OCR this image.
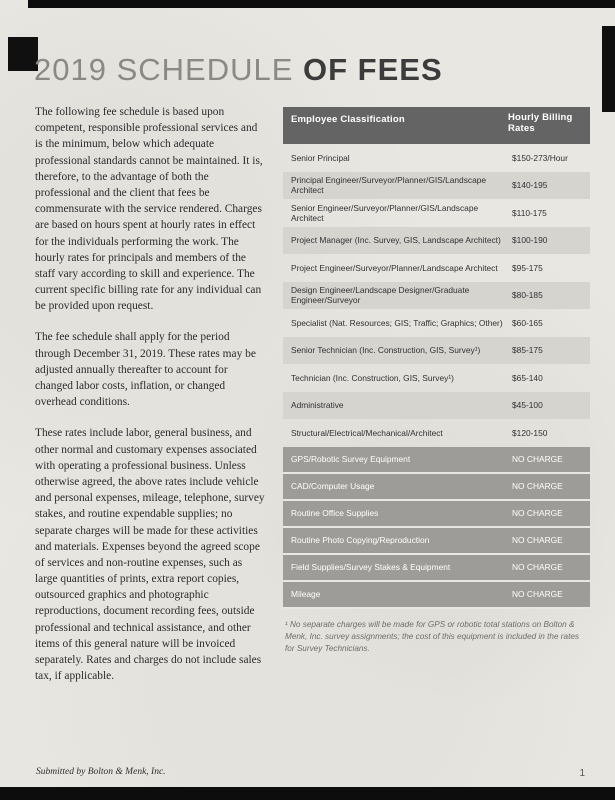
2019 SCHEDULE OF FEES

The following fee schedule is based upon competent, responsible professional services and is the minimum, below which adequate professional standards cannot be maintained. It is, therefore, to the advantage of both the professional and the client that fees be commensurate with the service rendered. Charges are based on hours spent at hourly rates in effect for the individuals performing the work. The hourly rates for principals and members of the staff vary according to skill and experience. The current specific billing rate for any individual can be provided upon request.

The fee schedule shall apply for the period through December 31, 2019. These rates may be adjusted annually thereafter to account for changed labor costs, inflation, or changed overhead conditions.

These rates include labor, general business, and other normal and customary expenses associated with operating a professional business. Unless otherwise agreed, the above rates include vehicle and personal expenses, mileage, telephone, survey stakes, and routine expendable supplies; no separate charges will be made for these activities and materials. Expenses beyond the agreed scope of services and non-routine expenses, such as large quantities of prints, extra report copies, outsourced graphics and photographic reproductions, document recording fees, outside professional and technical assistance, and other items of this general nature will be invoiced separately. Rates and charges do not include sales tax, if applicable.

Employee Classification	Hourly Billing Rates
Senior Principal	$150-273/Hour
Principal Engineer/Surveyor/Planner/GIS/Landscape Architect	$140-195
Senior Engineer/Surveyor/Planner/GIS/Landscape Architect	$110-175
Project Manager (Inc. Survey, GIS, Landscape Architect)	$100-190
Project Engineer/Surveyor/Planner/Landscape Architect	$95-175
Design Engineer/Landscape Designer/Graduate Engineer/Surveyor	$80-185
Specialist (Nat. Resources; GIS; Traffic; Graphics; Other)	$60-165
Senior Technician (Inc. Construction, GIS, Survey¹)	$85-175
Technician (Inc. Construction, GIS, Survey¹)	$65-140
Administrative	$45-100
Structural/Electrical/Mechanical/Architect	$120-150
GPS/Robotic Survey Equipment	NO CHARGE
CAD/Computer Usage	NO CHARGE
Routine Office Supplies	NO CHARGE
Routine Photo Copying/Reproduction	NO CHARGE
Field Supplies/Survey Stakes & Equipment	NO CHARGE
Mileage	NO CHARGE
¹ No separate charges will be made for GPS or robotic total stations on Bolton & Menk, Inc. survey assignments; the cost of this equipment is included in the rates for Survey Technicians.
Submitted by Bolton & Menk, Inc.	1
